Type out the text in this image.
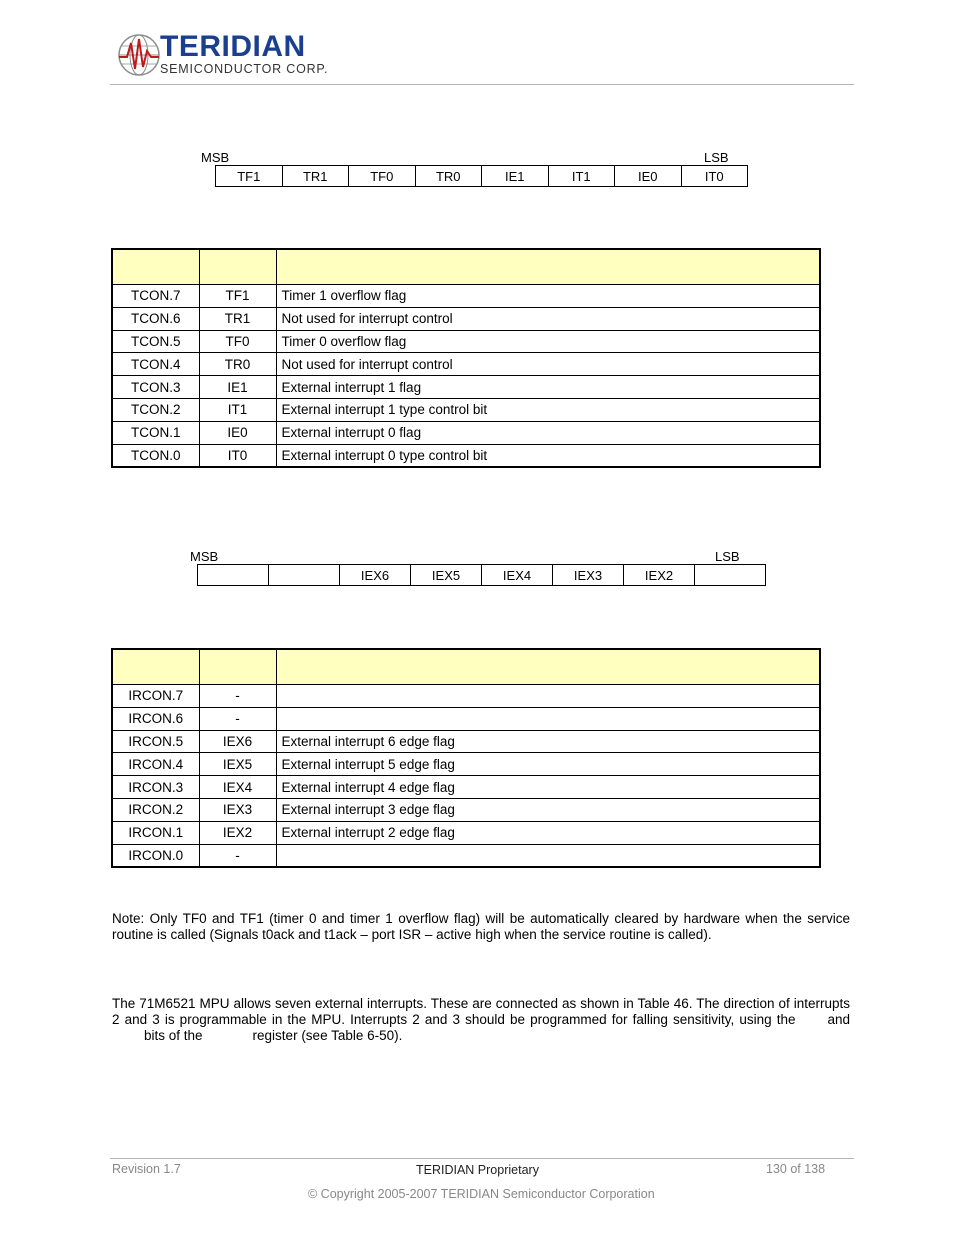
TERIDIAN
SEMICONDUCTOR CORP.
MSB	LSB
TF1	TR1	TF0	TR0	IE1	IT1	IE0	IT0

TCON.7	TF1	Timer 1 overflow flag
TCON.6	TR1	Not used for interrupt control
TCON.5	TF0	Timer 0 overflow flag
TCON.4	TR0	Not used for interrupt control
TCON.3	IE1	External interrupt 1 flag
TCON.2	IT1	External interrupt 1 type control bit
TCON.1	IE0	External interrupt 0 flag
TCON.0	IT0	External interrupt 0 type control bit
MSB	LSB
		IEX6	IEX5	IEX4	IEX3	IEX2	

IRCON.7	-	
IRCON.6	-	
IRCON.5	IEX6	External interrupt 6 edge flag
IRCON.4	IEX5	External interrupt 5 edge flag
IRCON.3	IEX4	External interrupt 4 edge flag
IRCON.2	IEX3	External interrupt 3 edge flag
IRCON.1	IEX2	External interrupt 2 edge flag
IRCON.0	-	
Note: Only TF0 and TF1 (timer 0 and timer 1 overflow flag) will be automatically cleared by hardware when the service routine is called (Signals t0ack and t1ack – port ISR – active high when the service routine is called).
The 71M6521 MPU allows seven external interrupts. These are connected as shown in Table 46. The direction of interrupts 2 and 3 is programmable in the MPU. Interrupts 2 and 3 should be programmed for falling sensitivity, using the andbits of the	register (see Table 6-50).
Revision 1.7	TERIDIAN Proprietary	130 of 138
© Copyright 2005-2007 TERIDIAN Semiconductor Corporation
